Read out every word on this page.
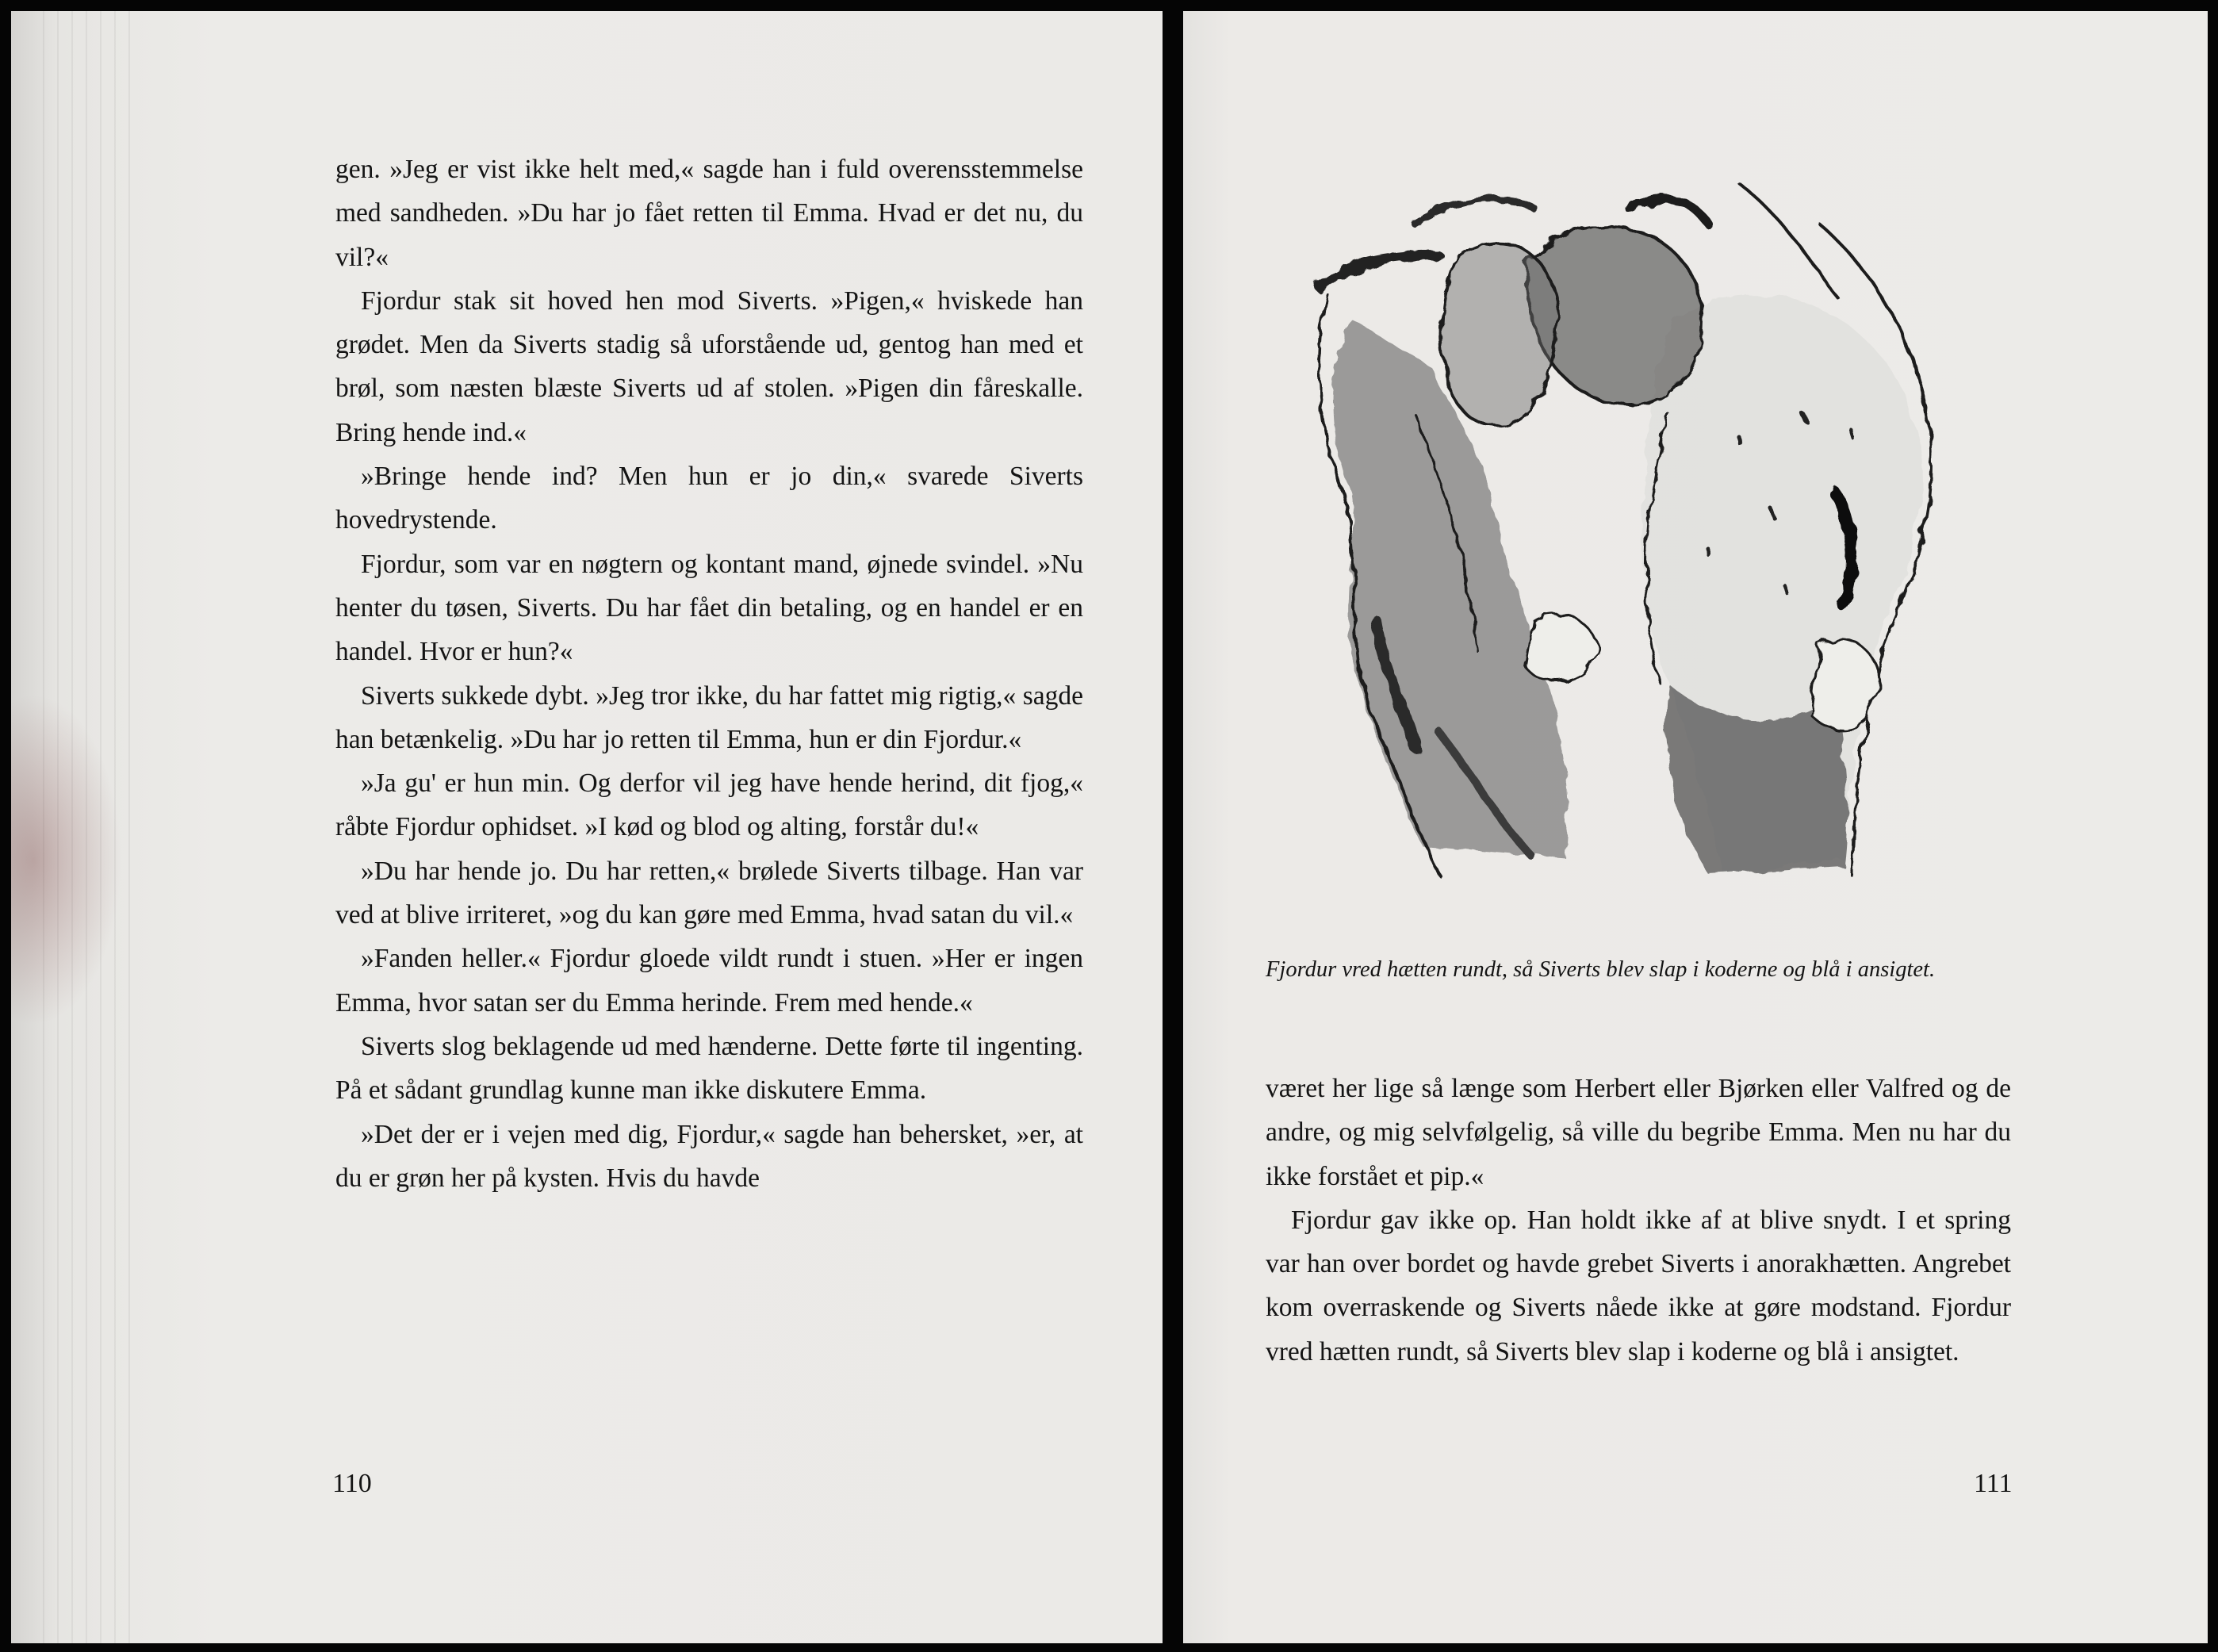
gen. »Jeg er vist ikke helt med,« sagde han i fuld overensstemmelse med sandheden. »Du har jo fået retten til Emma. Hvad er det nu, du vil?«

Fjordur stak sit hoved hen mod Siverts. »Pigen,« hviskede han grødet. Men da Siverts stadig så uforstående ud, gentog han med et brøl, som næsten blæste Siverts ud af stolen. »Pigen din fåreskalle. Bring hende ind.«

»Bringe hende ind? Men hun er jo din,« svarede Siverts hovedrystende.

Fjordur, som var en nøgtern og kontant mand, øjnede svindel. »Nu henter du tøsen, Siverts. Du har fået din betaling, og en handel er en handel. Hvor er hun?«

Siverts sukkede dybt. »Jeg tror ikke, du har fattet mig rigtig,« sagde han betænkelig. »Du har jo retten til Emma, hun er din Fjordur.«

»Ja gu' er hun min. Og derfor vil jeg have hende herind, dit fjog,« råbte Fjordur ophidset. »I kød og blod og alting, forstår du!«

»Du har hende jo. Du har retten,« brølede Siverts tilbage. Han var ved at blive irriteret, »og du kan gøre med Emma, hvad satan du vil.«

»Fanden heller.« Fjordur gloede vildt rundt i stuen. »Her er ingen Emma, hvor satan ser du Emma herinde. Frem med hende.«

Siverts slog beklagende ud med hænderne. Dette førte til ingenting. På et sådant grundlag kunne man ikke diskutere Emma.

»Det der er i vejen med dig, Fjordur,« sagde han behersket, »er, at du er grøn her på kysten. Hvis du havde

110
Fjordur vred hætten rundt, så Siverts blev slap i koderne og blå i ansigtet.

været her lige så længe som Herbert eller Bjørken eller Valfred og de andre, og mig selvfølgelig, så ville du begribe Emma. Men nu har du ikke forstået et pip.«

Fjordur gav ikke op. Han holdt ikke af at blive snydt. I et spring var han over bordet og havde grebet Siverts i anorakhætten. Angrebet kom overraskende og Siverts nåede ikke at gøre modstand. Fjordur vred hætten rundt, så Siverts blev slap i koderne og blå i ansigtet.

111
